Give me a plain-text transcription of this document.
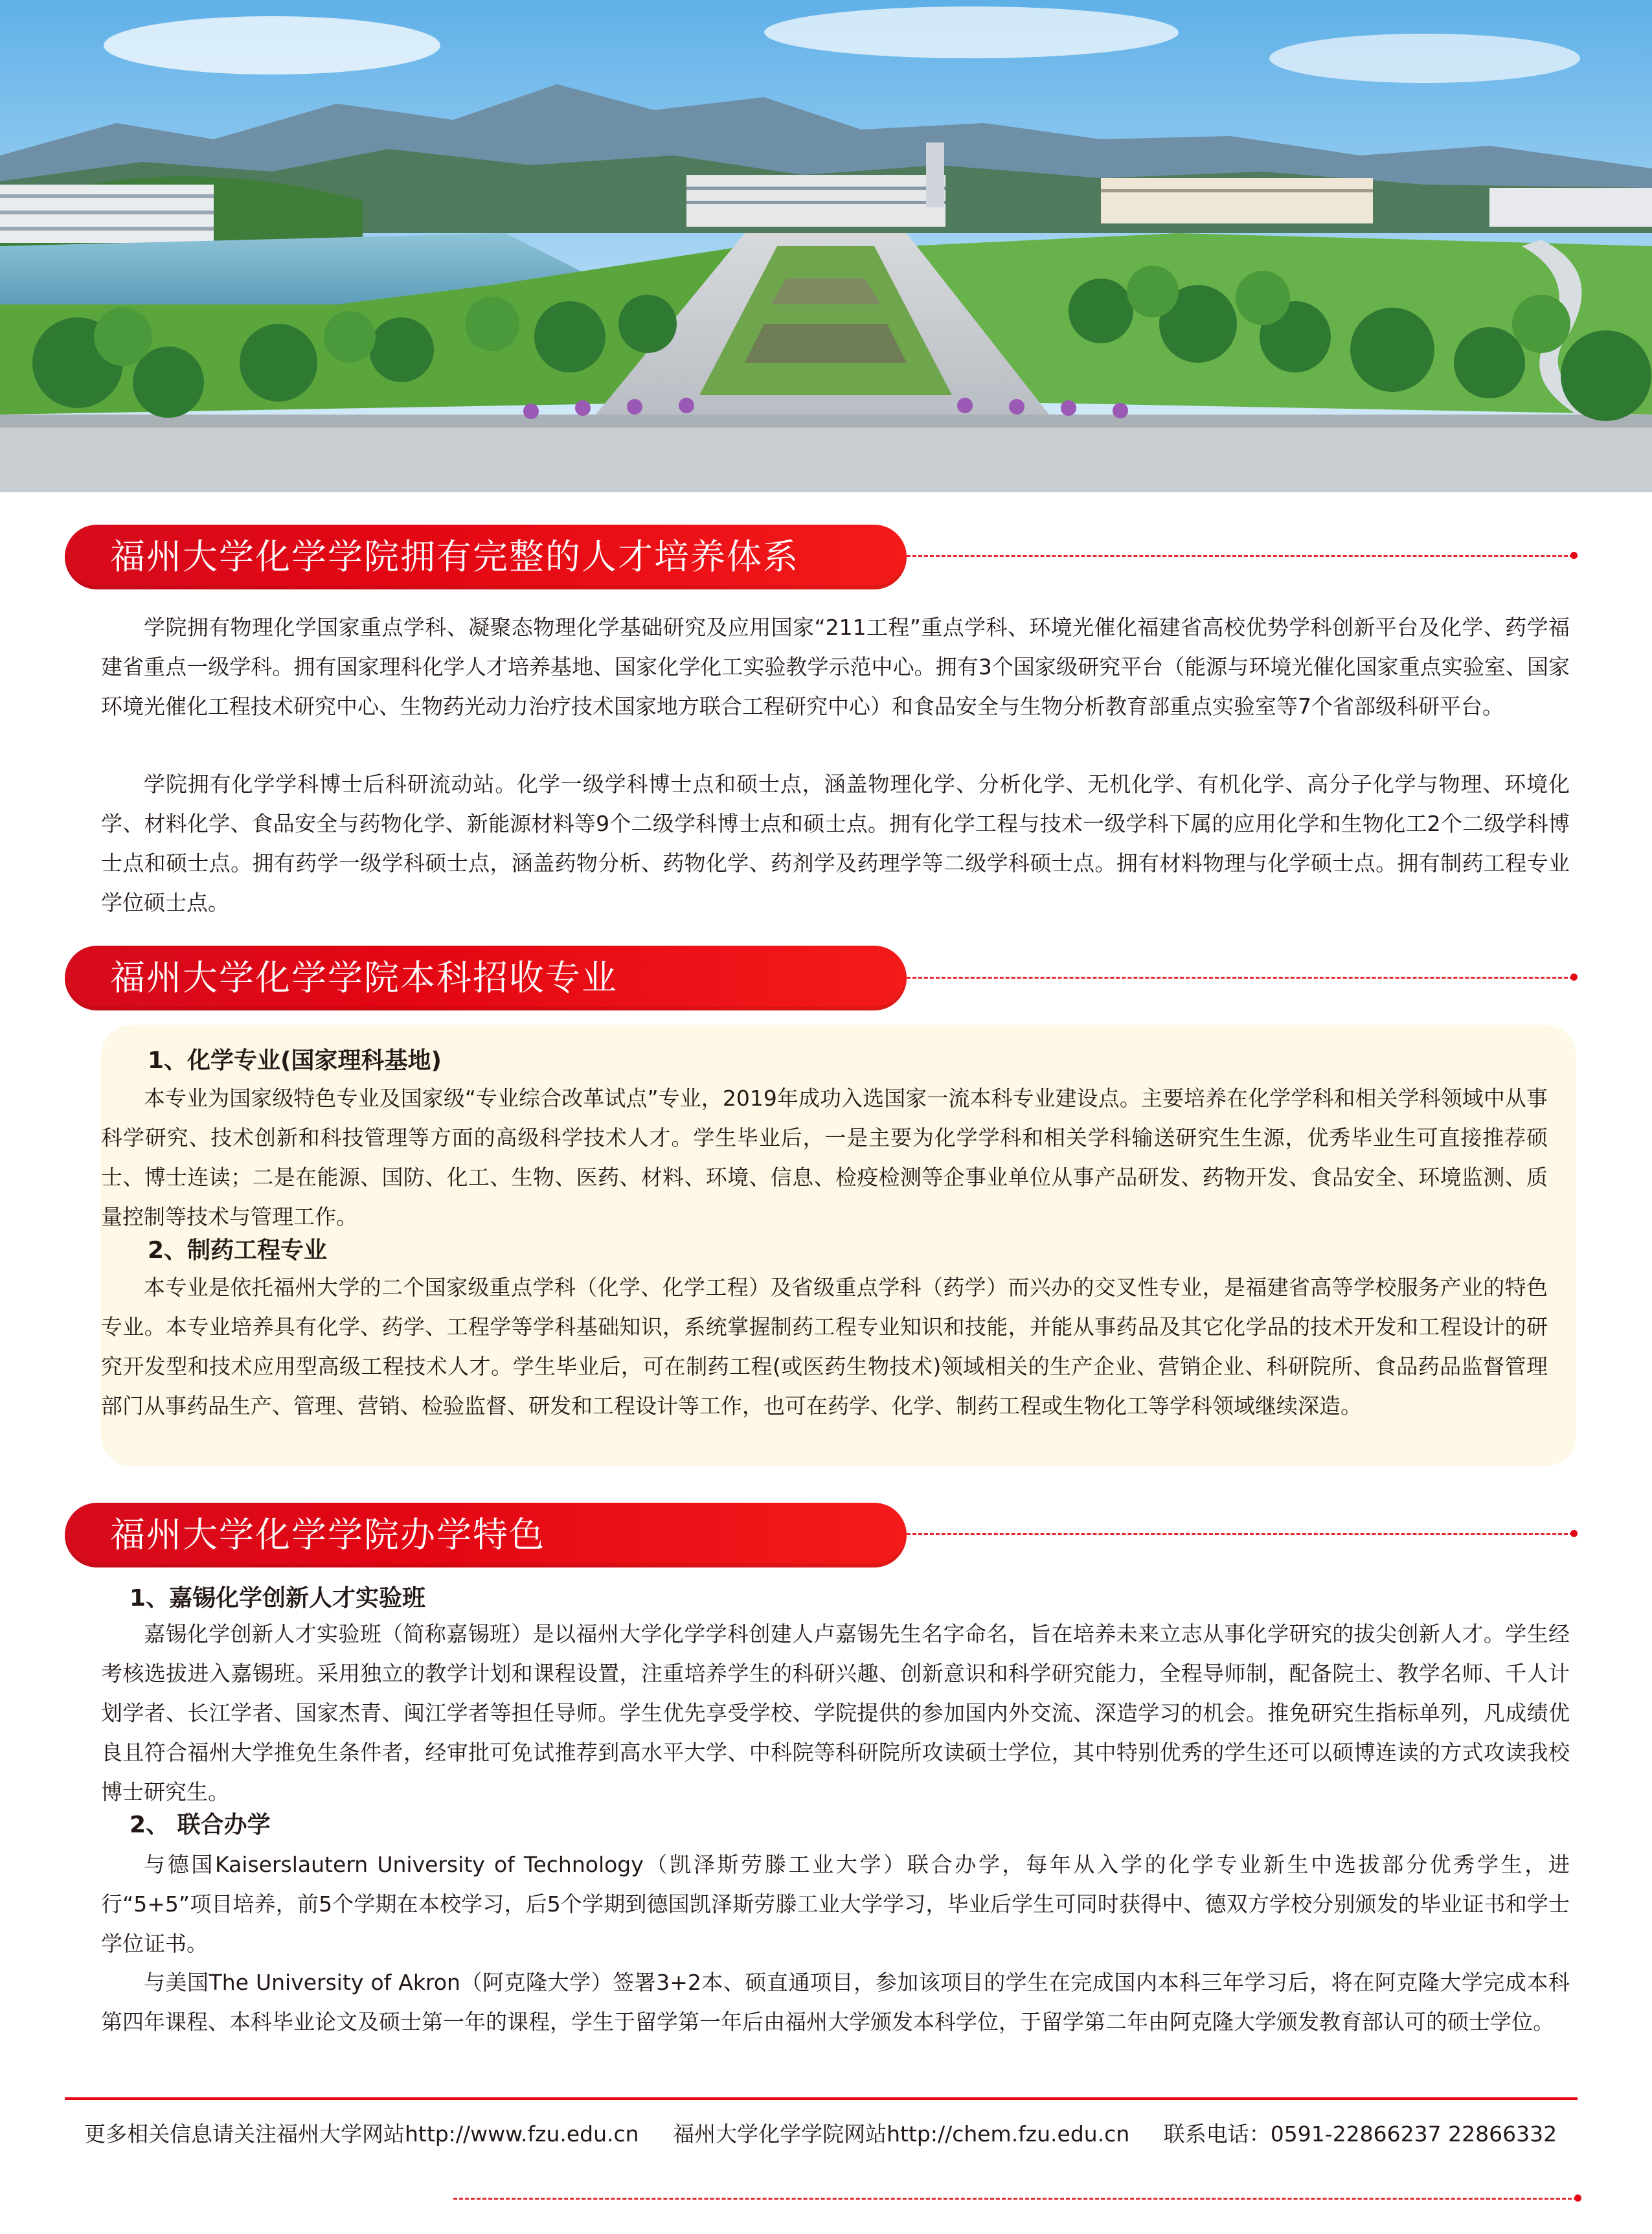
福州大学化学学院拥有完整的人才培养体系

学院拥有物理化学国家重点学科、凝聚态物理化学基础研究及应用国家“211工程”重点学科、环境光催化福建省高校优势学科创新平台及化学、药学福建省重点一级学科。拥有国家理科化学人才培养基地、国家化学化工实验教学示范中心。拥有3个国家级研究平台（能源与环境光催化国家重点实验室、国家环境光催化工程技术研究中心、生物药光动力治疗技术国家地方联合工程研究中心）和食品安全与生物分析教育部重点实验室等7个省部级科研平台。

学院拥有化学学科博士后科研流动站。化学一级学科博士点和硕士点，涵盖物理化学、分析化学、无机化学、有机化学、高分子化学与物理、环境化学、材料化学、食品安全与药物化学、新能源材料等9个二级学科博士点和硕士点。拥有化学工程与技术一级学科下属的应用化学和生物化工2个二级学科博士点和硕士点。拥有药学一级学科硕士点，涵盖药物分析、药物化学、药剂学及药理学等二级学科硕士点。拥有材料物理与化学硕士点。拥有制药工程专业学位硕士点。

福州大学化学学院本科招收专业

1、化学专业(国家理科基地)

本专业为国家级特色专业及国家级“专业综合改革试点”专业，2019年成功入选国家一流本科专业建设点。主要培养在化学学科和相关学科领域中从事科学研究、技术创新和科技管理等方面的高级科学技术人才。学生毕业后，一是主要为化学学科和相关学科输送研究生生源，优秀毕业生可直接推荐硕士、博士连读；二是在能源、国防、化工、生物、医药、材料、环境、信息、检疫检测等企事业单位从事产品研发、药物开发、食品安全、环境监测、质量控制等技术与管理工作。

2、制药工程专业

本专业是依托福州大学的二个国家级重点学科（化学、化学工程）及省级重点学科（药学）而兴办的交叉性专业，是福建省高等学校服务产业的特色专业。本专业培养具有化学、药学、工程学等学科基础知识，系统掌握制药工程专业知识和技能，并能从事药品及其它化学品的技术开发和工程设计的研究开发型和技术应用型高级工程技术人才。学生毕业后，可在制药工程(或医药生物技术)领域相关的生产企业、营销企业、科研院所、食品药品监督管理部门从事药品生产、管理、营销、检验监督、研发和工程设计等工作，也可在药学、化学、制药工程或生物化工等学科领域继续深造。

福州大学化学学院办学特色

1、嘉锡化学创新人才实验班

嘉锡化学创新人才实验班（简称嘉锡班）是以福州大学化学学科创建人卢嘉锡先生名字命名，旨在培养未来立志从事化学研究的拔尖创新人才。学生经考核选拔进入嘉锡班。采用独立的教学计划和课程设置，注重培养学生的科研兴趣、创新意识和科学研究能力，全程导师制，配备院士、教学名师、千人计划学者、长江学者、国家杰青、闽江学者等担任导师。学生优先享受学校、学院提供的参加国内外交流、深造学习的机会。推免研究生指标单列，凡成绩优良且符合福州大学推免生条件者，经审批可免试推荐到高水平大学、中科院等科研院所攻读硕士学位，其中特别优秀的学生还可以硕博连读的方式攻读我校博士研究生。

2、 联合办学

与德国Kaiserslautern University of Technology（凯泽斯劳滕工业大学）联合办学，每年从入学的化学专业新生中选拔部分优秀学生，进行“5+5”项目培养，前5个学期在本校学习，后5个学期到德国凯泽斯劳滕工业大学学习，毕业后学生可同时获得中、德双方学校分别颁发的毕业证书和学士学位证书。

与美国The University of Akron（阿克隆大学）签署3+2本、硕直通项目，参加该项目的学生在完成国内本科三年学习后，将在阿克隆大学完成本科第四年课程、本科毕业论文及硕士第一年的课程，学生于留学第一年后由福州大学颁发本科学位，于留学第二年由阿克隆大学颁发教育部认可的硕士学位。

更多相关信息请关注福州大学网站http://www.fzu.edu.cn 福州大学化学学院网站http://chem.fzu.edu.cn 联系电话：0591-22866237 22866332
